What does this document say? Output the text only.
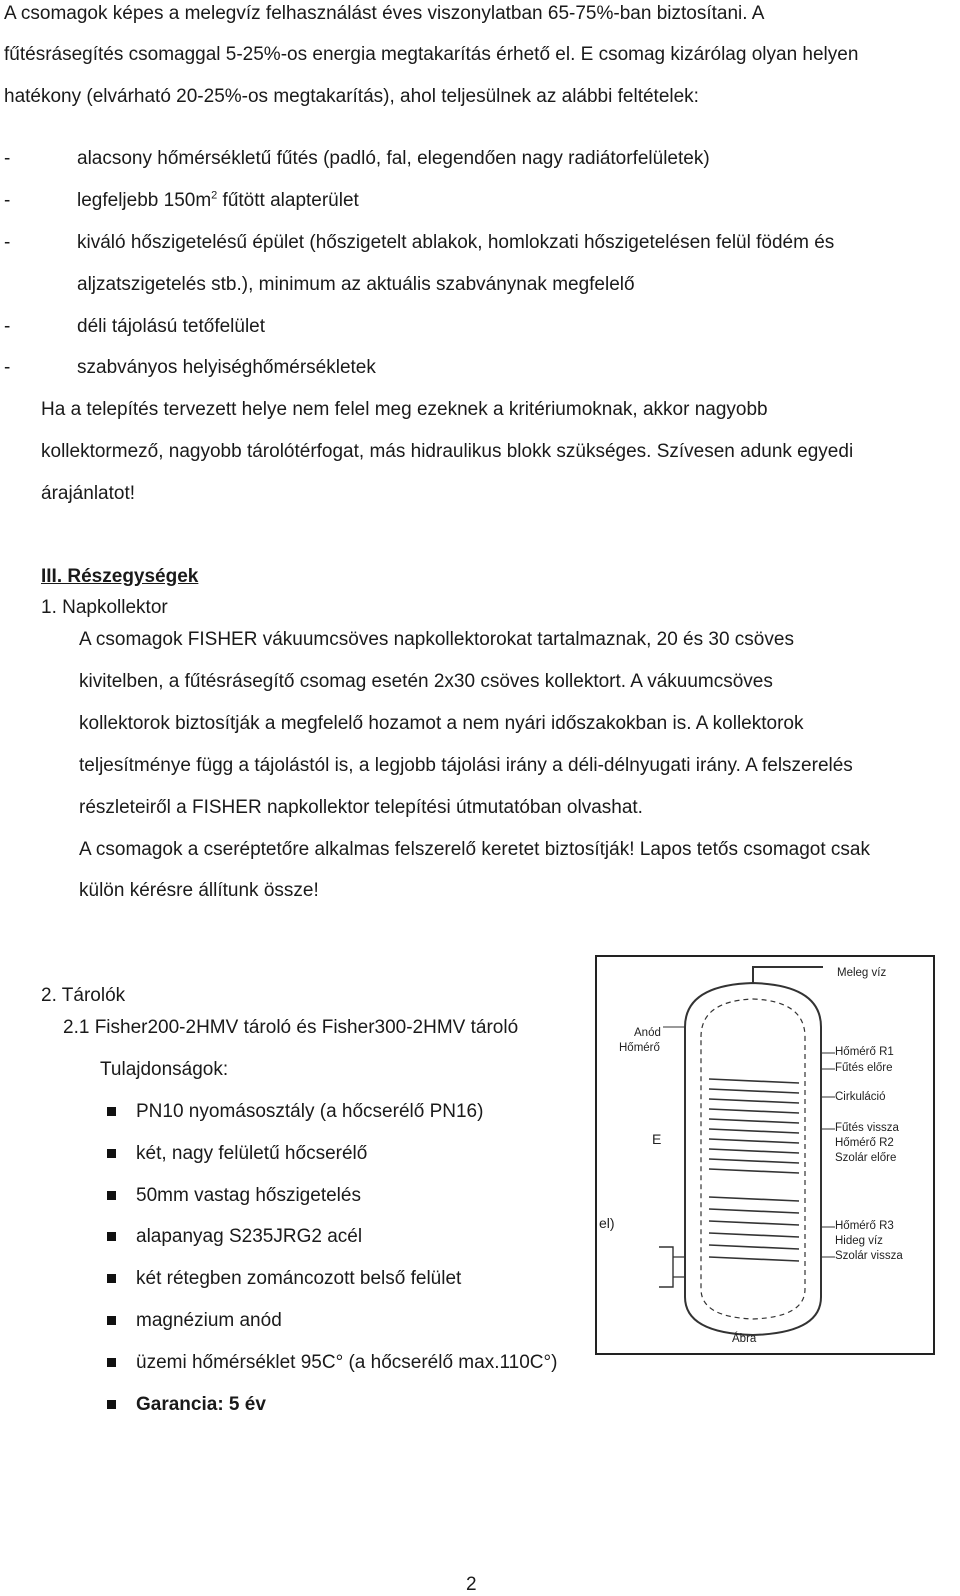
A csomagok képes a melegvíz felhasználást éves viszonylatban 65-75%-ban biztosítani. A
fűtésrásegítés csomaggal 5-25%-os energia megtakarítás érhető el. E csomag kizárólag olyan helyen
hatékony (elvárható 20-25%-os megtakarítás), ahol teljesülnek az alábbi feltételek:
-	alacsony hőmérsékletű fűtés (padló, fal, elegendően nagy radiátorfelületek)
-	legfeljebb $150m^2$ fűtött alapterület
-	kiváló hőszigetelésű épület (hőszigetelt ablakok, homlokzati hőszigetelésen felül födém és
aljzatszigetelés stb.), minimum az aktuális szabványnak megfelelő
-	déli tájolású tetőfelület
-	szabványos helyiséghőmérsékletek
Ha a telepítés tervezett helye nem felel meg ezeknek a kritériumoknak, akkor nagyobb
kollektormező, nagyobb tárolótérfogat, más hidraulikus blokk szükséges. Szívesen adunk egyedi
árajánlatot!
III. Részegységek
1. Napkollektor
A csomagok FISHER vákuumcsöves napkollektorokat tartalmaznak, 20 és 30 csöves
kivitelben, a fűtésrásegítő csomag esetén 2x30 csöves kollektort. A vákuumcsöves
kollektorok biztosítják a megfelelő hozamot a nem nyári időszakokban is. A kollektorok
teljesítménye függ a tájolástól is, a legjobb tájolási irány a déli-délnyugati irány. A felszerelés
részleteiről a FISHER napkollektor telepítési útmutatóban olvashat.
A csomagok a cseréptetőre alkalmas felszerelő keretet biztosítják! Lapos tetős csomagot csak
külön kérésre állítunk össze!
2. Tárolók
2.1 Fisher200-2HMV tároló és Fisher300-2HMV tároló
Tulajdonságok:
PN10 nyomásosztály (a hőcserélő PN16)
két, nagy felületű hőcserélő
50mm vastag hőszigetelés
alapanyag S235JRG2 acél
két rétegben zománcozott belső felület
magnézium anód
üzemi hőmérséklet 95C° (a hőcserélő max.110C°)
Garancia: 5 év
Meleg víz
Anód
Hőmérő	Hőmérő R1
Fűtés előre
Cirkuláció
Fűtés vissza
Hőmérő R2
Szolár előre
E
el)	Hőmérő R3
Hideg víz
Szolár vissza
Ábra
2
